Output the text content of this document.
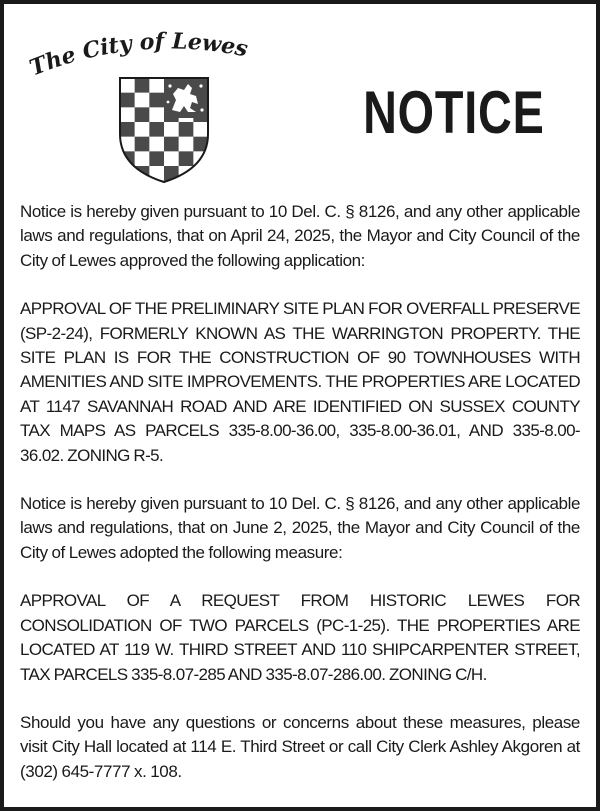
The City of Lewes
NOTICE

Notice is hereby given pursuant to 10 Del. C. § 8126, and any other applicable laws and regulations, that on April 24, 2025, the Mayor and City Council of the City of Lewes approved the following application:

APPROVAL OF THE PRELIMINARY SITE PLAN FOR OVERFALL PRESERVE (SP-2-24), FORMERLY KNOWN AS THE WARRINGTON PROPERTY. THE SITE PLAN IS FOR THE CONSTRUCTION OF 90 TOWNHOUSES WITH AMENITIES AND SITE IMPROVEMENTS. THE PROPERTIES ARE LOCATED AT 1147 SAVANNAH ROAD AND ARE IDENTIFIED ON SUSSEX COUNTY TAX MAPS AS PARCELS 335-8.00-36.00, 335-8.00-36.01, AND 335-8.00-36.02. ZONING R-5.

Notice is hereby given pursuant to 10 Del. C. § 8126, and any other applicable laws and regulations, that on June 2, 2025, the Mayor and City Council of the City of Lewes adopted the following measure:

APPROVAL OF A REQUEST FROM HISTORIC LEWES FOR CONSOLIDATION OF TWO PARCELS (PC-1-25). THE PROPERTIES ARE LOCATED AT 119 W. THIRD STREET AND 110 SHIPCARPENTER STREET, TAX PARCELS 335-8.07-285 AND 335-8.07-286.00. ZONING C/H.

Should you have any questions or concerns about these measures, please visit City Hall located at 114 E. Third Street or call City Clerk Ashley Akgoren at (302) 645-7777 x. 108.
